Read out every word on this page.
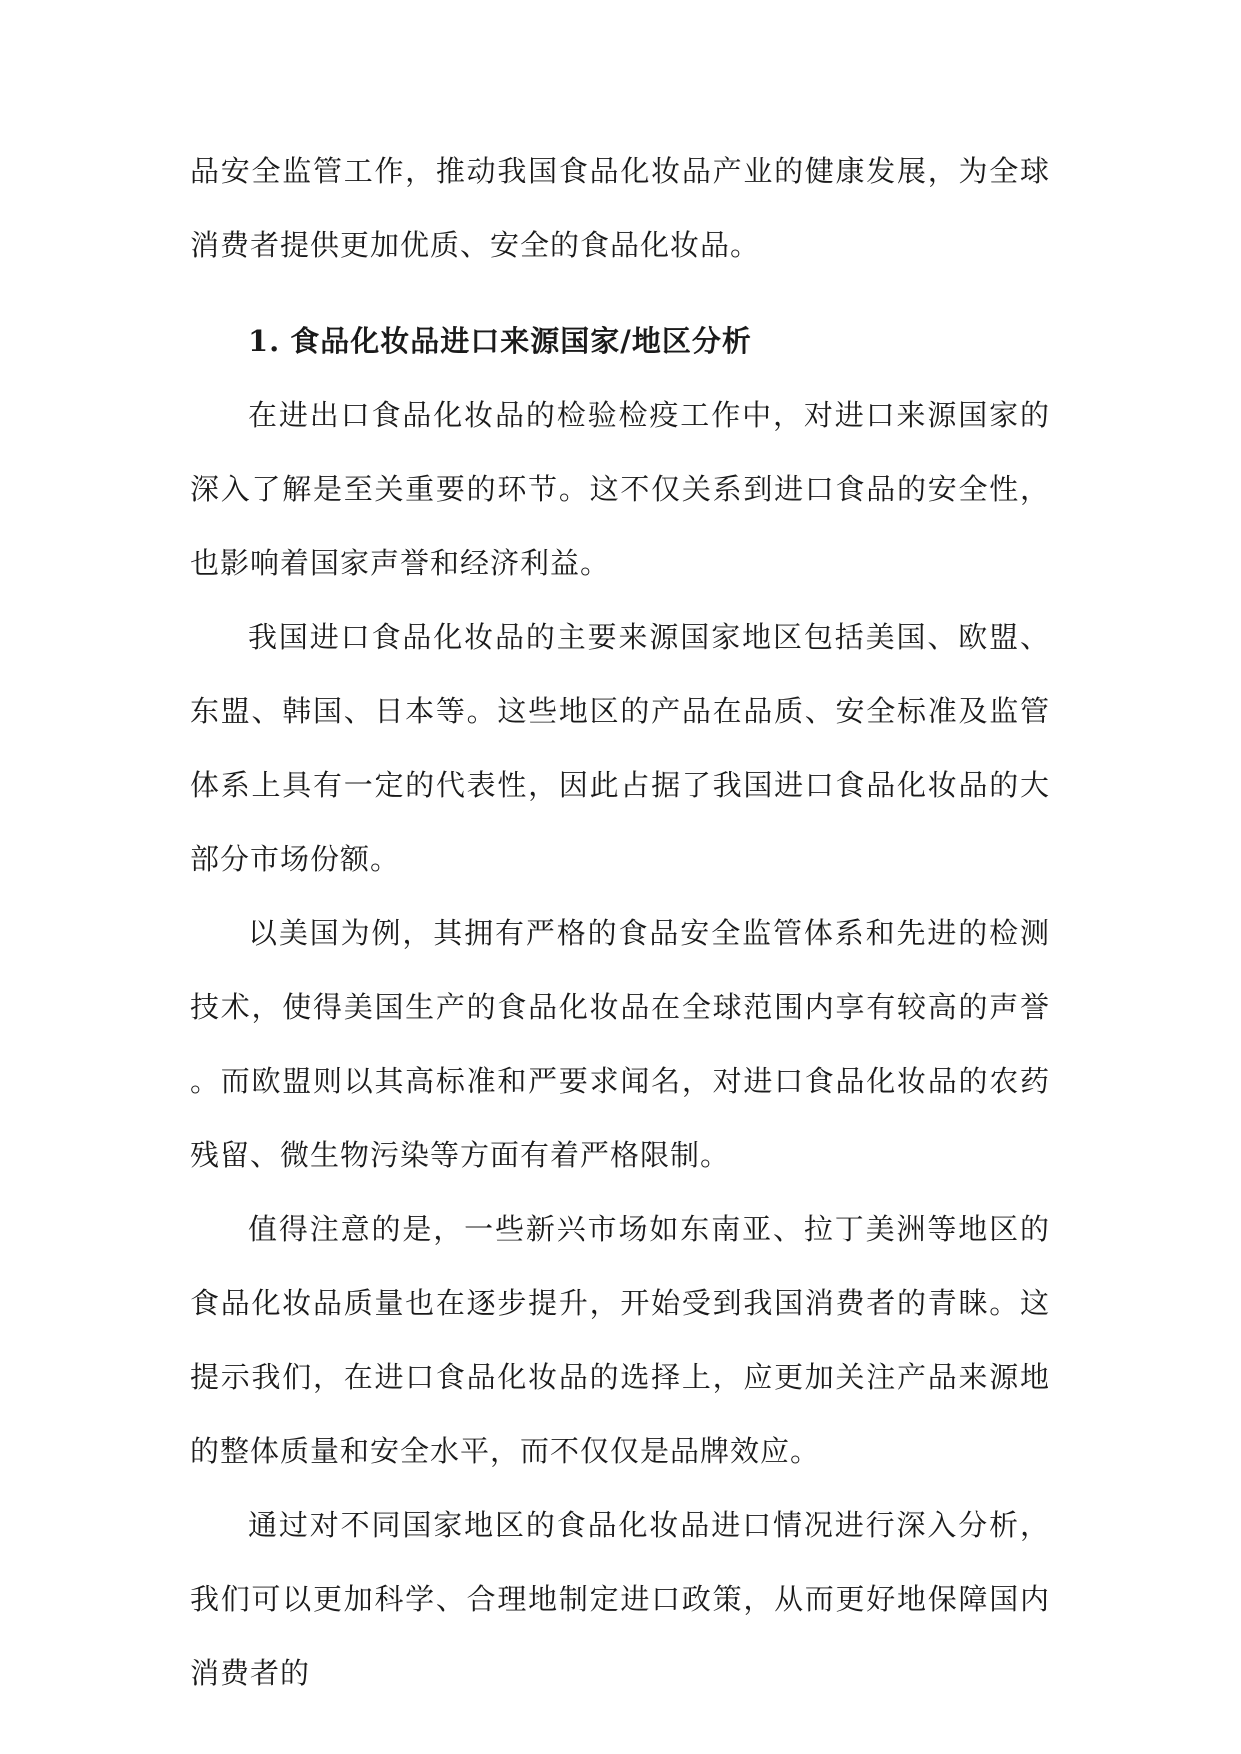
品安全监管工作，推动我国食品化妆品产业的健康发展，为全球消费者提供更加优质、安全的食品化妆品。

1. 食品化妆品进口来源国家/地区分析

在进出口食品化妆品的检验检疫工作中，对进口来源国家的深入了解是至关重要的环节。这不仅关系到进口食品的安全性，也影响着国家声誉和经济利益。

我国进口食品化妆品的主要来源国家地区包括美国、欧盟、东盟、韩国、日本等。这些地区的产品在品质、安全标准及监管体系上具有一定的代表性，因此占据了我国进口食品化妆品的大部分市场份额。

以美国为例，其拥有严格的食品安全监管体系和先进的检测技术，使得美国生产的食品化妆品在全球范围内享有较高的声誉。而欧盟则以其高标准和严要求闻名，对进口食品化妆品的农药残留、微生物污染等方面有着严格限制。

值得注意的是，一些新兴市场如东南亚、拉丁美洲等地区的食品化妆品质量也在逐步提升，开始受到我国消费者的青睐。这提示我们，在进口食品化妆品的选择上，应更加关注产品来源地的整体质量和安全水平，而不仅仅是品牌效应。

通过对不同国家地区的食品化妆品进口情况进行深入分析，我们可以更加科学、合理地制定进口政策，从而更好地保障国内消费者的
